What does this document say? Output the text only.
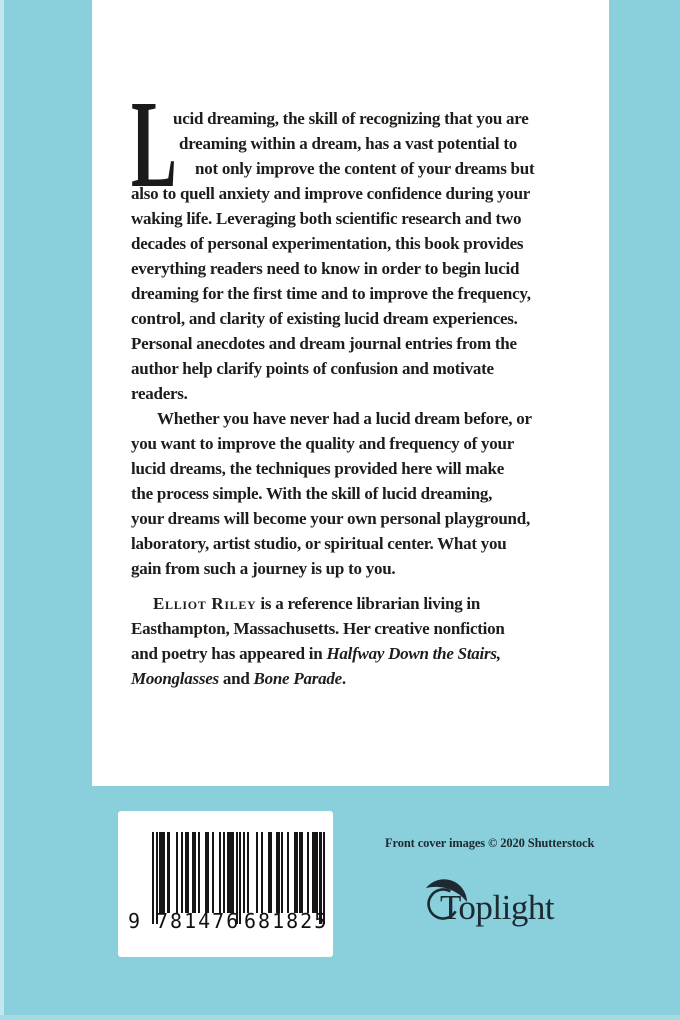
L
ucid dreaming, the skill of recognizing that you are
dreaming within a dream, has a vast potential to
not only improve the content of your dreams but
also to quell anxiety and improve confidence during your
waking life. Leveraging both scientific research and two
decades of personal experimentation, this book provides
everything readers need to know in order to begin lucid
dreaming for the first time and to improve the frequency,
control, and clarity of existing lucid dream experiences.
Personal anecdotes and dream journal entries from the
author help clarify points of confusion and motivate
readers.
Whether you have never had a lucid dream before, or
you want to improve the quality and frequency of your
lucid dreams, the techniques provided here will make
the process simple. With the skill of lucid dreaming,
your dreams will become your own personal playground,
laboratory, artist studio, or spiritual center. What you
gain from such a journey is up to you.
Elliot Riley is a reference librarian living in
Easthampton, Massachusetts. Her creative nonfiction
and poetry has appeared in Halfway Down the Stairs,
Moonglasses and Bone Parade.
9 781476 681825
Front cover images © 2020 Shutterstock
Toplight
